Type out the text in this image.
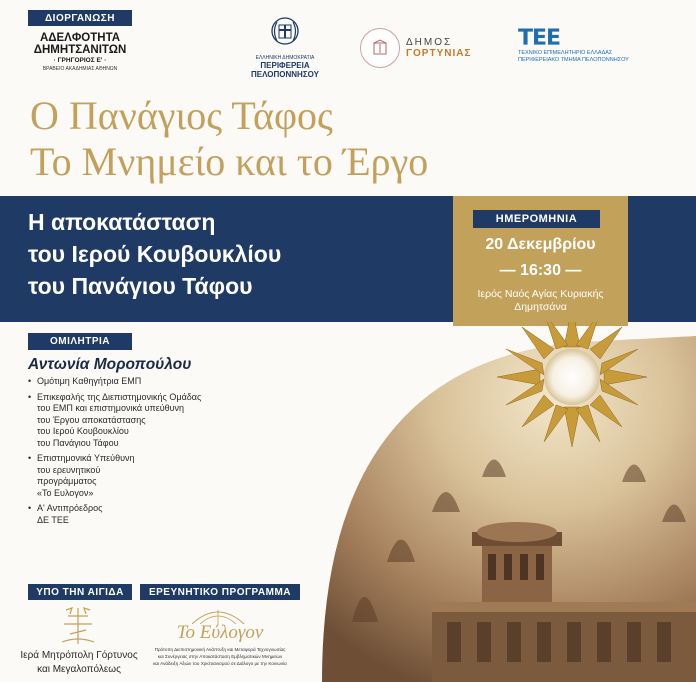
ΔΙΟΡΓΑΝΩΣΗ
ΑΔΕΛΦΟΤΗΤΑ
ΔΗΜΗΤΣΑΝΙΤΩΝ
· ΓΡΗΓΟΡΙΟΣ Ε' ·
ΒΡΑΒΕΙΟ ΑΚΑΔΗΜΙΑΣ ΑΘΗΝΩΝ
ΕΛΛΗΝΙΚΗ ΔΗΜΟΚΡΑΤΙΑ
ΠΕΡΙΦΕΡΕΙΑ
ΠΕΛΟΠΟΝΝΗΣΟΥ
ΔΗΜΟΣ
ΓΟΡΤΥΝΙΑΣ
ΤΕΕ
ΤΕΧΝΙΚΟ ΕΠΙΜΕΛΗΤΗΡΙΟ ΕΛΛΑΔΑΣ
ΠΕΡΙΦΕΡΕΙΑΚΟ ΤΜΗΜΑ ΠΕΛΟΠΟΝΝΗΣΟΥ
Ο Πανάγιος Τάφος
Το Μνημείο και το Έργο
Η αποκατάσταση
του Ιερού Κουβουκλίου
του Πανάγιου Τάφου
ΗΜΕΡΟΜΗΝΙΑ
20 Δεκεμβρίου
— 16:30 —
Ιερός Ναός Αγίας Κυριακής
Δημητσάνα
ΟΜΙΛΗΤΡΙΑ
Αντωνία Μοροπούλου
• Ομότιμη Καθηγήτρια ΕΜΠ
• Επικεφαλής της Διεπιστημονικής Ομάδας
του ΕΜΠ και επιστημονικά υπεύθυνη
του Έργου αποκατάστασης
του Ιερού Κουβουκλίου
του Πανάγιου Τάφου
• Επιστημονικά Υπεύθυνη
του ερευνητικού
προγράμματος
«Το Ευλογον»
• Α' Αντιπρόεδρος
ΔΕ ΤΕΕ
ΥΠΟ ΤΗΝ ΑΙΓΙΔΑ
Ιερά Μητρόπολη Γόρτυνος
και Μεγαλοπόλεως
ΕΡΕΥΝΗΤΙΚΟ ΠΡΟΓΡΑΜΜΑ
Το Εύλογον
Πρότυπη Διεπιστημονική Ανάπτυξη και Μεταφορά Τεχνογνωσίας
και Συνέργειας στην Αποκατάσταση Εμβληματικών Μνημείων
και Ανάδειξη Αξιών του Χριστιανισμού σε Διάλογο με την Κοινωνία
